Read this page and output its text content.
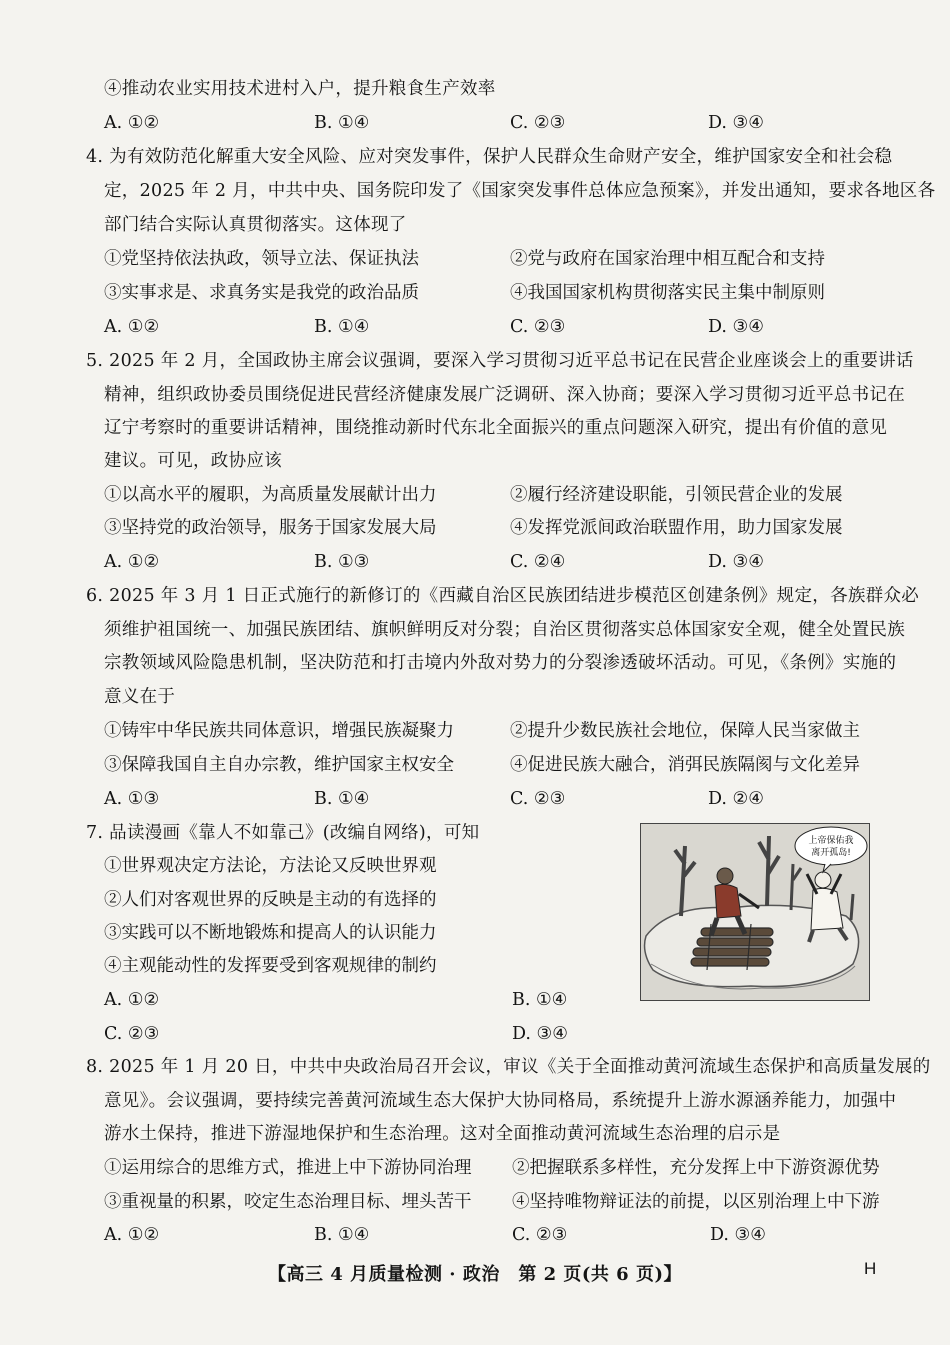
④推动农业实用技术进村入户，提升粮食生产效率
A. ①②	B. ①④	C. ②③	D. ③④
4. 为有效防范化解重大安全风险、应对突发事件，保护人民群众生命财产安全，维护国家安全和社会稳
定，2025 年 2 月，中共中央、国务院印发了《国家突发事件总体应急预案》，并发出通知，要求各地区各
部门结合实际认真贯彻落实。这体现了
①党坚持依法执政，领导立法、保证执法	②党与政府在国家治理中相互配合和支持
③实事求是、求真务实是我党的政治品质	④我国国家机构贯彻落实民主集中制原则
A. ①②	B. ①④	C. ②③	D. ③④
5. 2025 年 2 月，全国政协主席会议强调，要深入学习贯彻习近平总书记在民营企业座谈会上的重要讲话
精神，组织政协委员围绕促进民营经济健康发展广泛调研、深入协商；要深入学习贯彻习近平总书记在
辽宁考察时的重要讲话精神，围绕推动新时代东北全面振兴的重点问题深入研究，提出有价值的意见
建议。可见，政协应该
①以高水平的履职，为高质量发展献计出力	②履行经济建设职能，引领民营企业的发展
③坚持党的政治领导，服务于国家发展大局	④发挥党派间政治联盟作用，助力国家发展
A. ①②	B. ①③	C. ②④	D. ③④
6. 2025 年 3 月 1 日正式施行的新修订的《西藏自治区民族团结进步模范区创建条例》规定，各族群众必
须维护祖国统一、加强民族团结、旗帜鲜明反对分裂；自治区贯彻落实总体国家安全观，健全处置民族
宗教领域风险隐患机制，坚决防范和打击境内外敌对势力的分裂渗透破坏活动。可见，《条例》实施的
意义在于
①铸牢中华民族共同体意识，增强民族凝聚力	②提升少数民族社会地位，保障人民当家做主
③保障我国自主自办宗教，维护国家主权安全	④促进民族大融合，消弭民族隔阂与文化差异
A. ①③	B. ①④	C. ②③	D. ②④
7. 品读漫画《靠人不如靠己》(改编自网络)，可知
①世界观决定方法论，方法论又反映世界观
②人们对客观世界的反映是主动的有选择的
③实践可以不断地锻炼和提高人的认识能力
④主观能动性的发挥要受到客观规律的制约
A. ①②	B. ①④
C. ②③	D. ③④
上帝保佑我
离开孤岛!
8. 2025 年 1 月 20 日，中共中央政治局召开会议，审议《关于全面推动黄河流域生态保护和高质量发展的
意见》。会议强调，要持续完善黄河流域生态大保护大协同格局，系统提升上游水源涵养能力，加强中
游水土保持，推进下游湿地保护和生态治理。这对全面推动黄河流域生态治理的启示是
①运用综合的思维方式，推进上中下游协同治理 ②把握联系多样性，充分发挥上中下游资源优势
③重视量的积累，咬定生态治理目标、埋头苦干 ④坚持唯物辩证法的前提，以区别治理上中下游
A. ①②	B. ①④	C. ②③	D. ③④
【高三 4 月质量检测 · 政治　第 2 页(共 6 页)】	H
